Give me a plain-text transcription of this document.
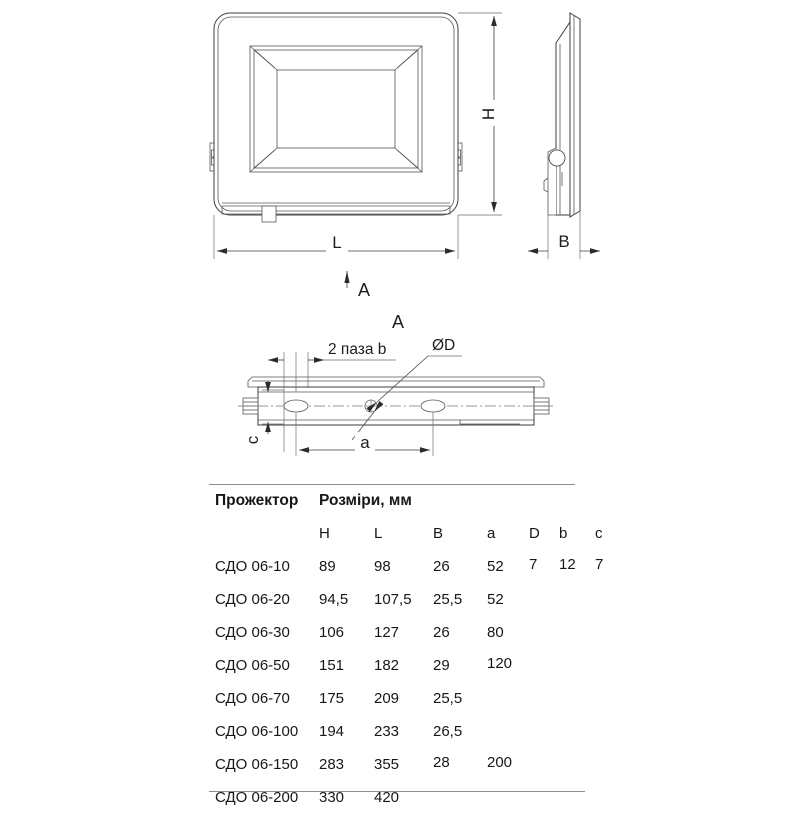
H
L	B
A
A
2 паза b	ØD
c	a
Прожектор	Розміри, мм						
	H	L	B	a	D	b	c
СДО 06-10	89	98	26	52	7	12	7
СДО 06-20	94,5	107,5	25,5	52			
СДО 06-30	106	127	26	80			
СДО 06-50	151	182	29	120			
СДО 06-70	175	209	25,5				
СДО 06-100	194	233	26,5				
СДО 06-150	283	355	28	200			
СДО 06-200	330	420					
